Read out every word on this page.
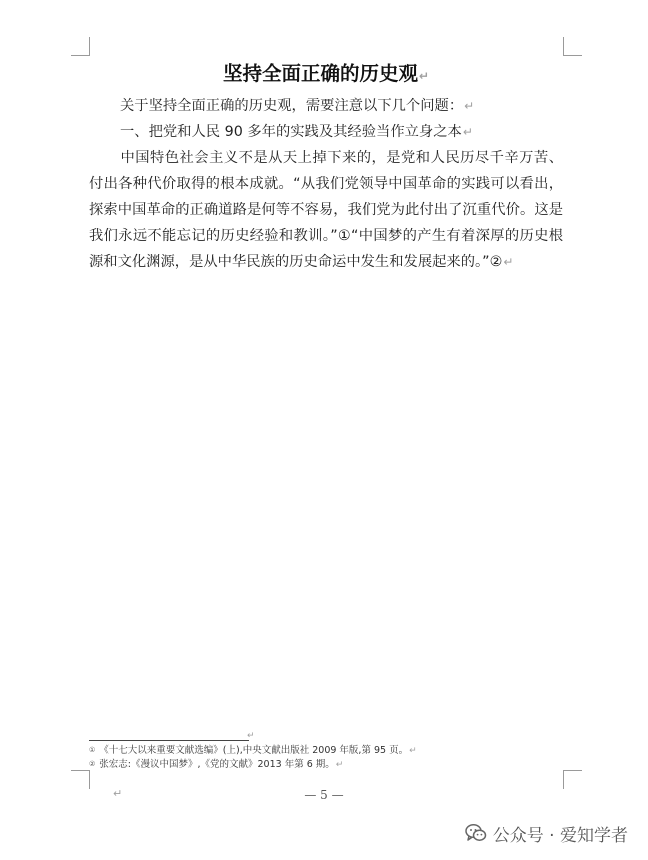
坚持全面正确的历史观↵

关于坚持全面正确的历史观，需要注意以下几个问题：↵

一、把党和人民 90 多年的实践及其经验当作立身之本↵

中国特色社会主义不是从天上掉下来的，是党和人民历尽千辛万苦、付出各种代价取得的根本成就。“从我们党领导中国革命的实践可以看出，探索中国革命的正确道路是何等不容易，我们党为此付出了沉重代价。这是我们永远不能忘记的历史经验和教训。”①“中国梦的产生有着深厚的历史根源和文化渊源，是从中华民族的历史命运中发生和发展起来的。”②↵

↵
① 《十七大以来重要文献选编》(上),中央文献出版社 2009 年版,第 95 页。↵
② 张宏志:《漫议中国梦》,《党的文献》2013 年第 6 期。↵
↵	— 5 —
公众号 · 爱知学者
